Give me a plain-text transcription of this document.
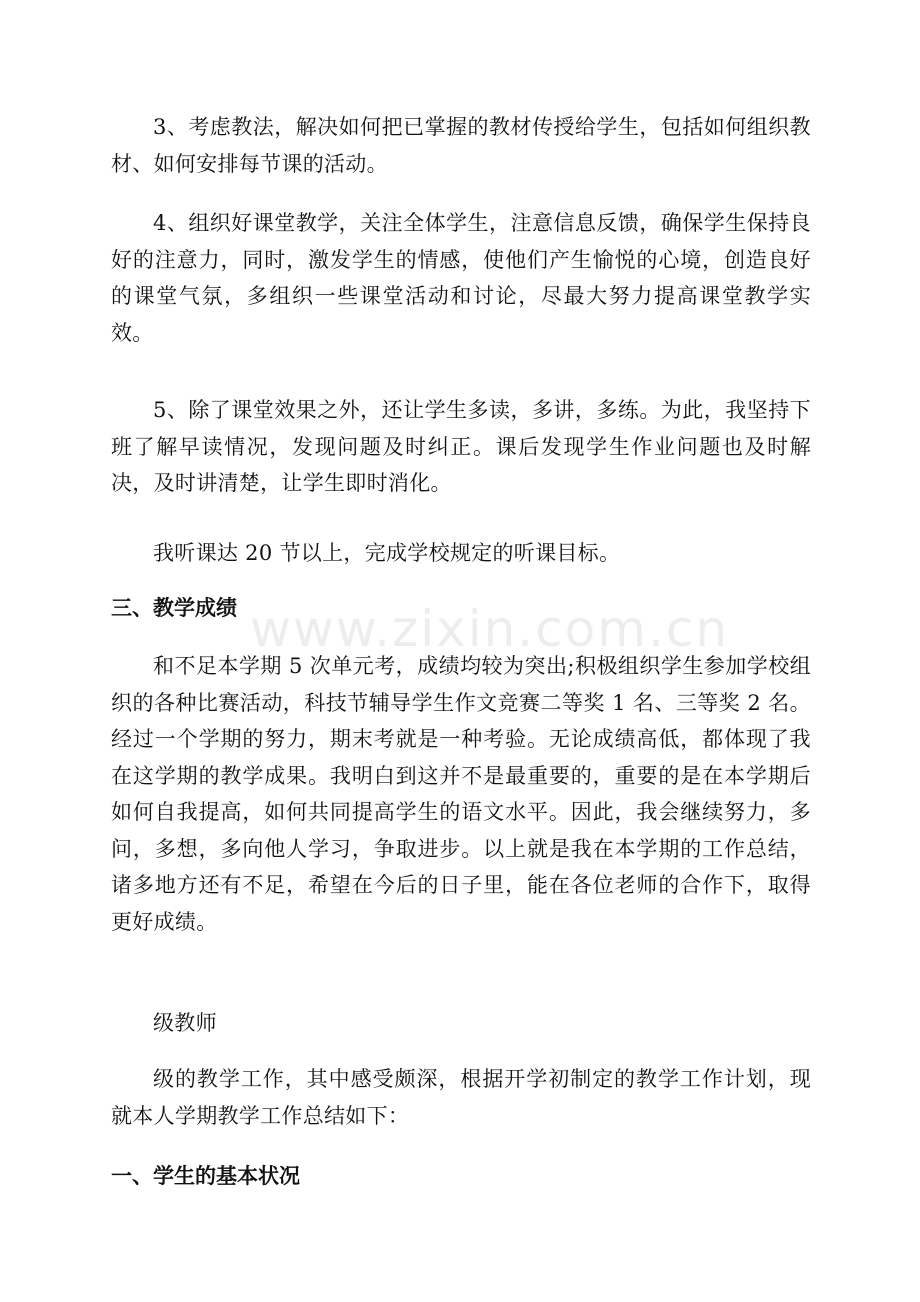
www.zixin.com.cn

3、考虑教法，解决如何把已掌握的教材传授给学生，包括如何组织教材、如何安排每节课的活动。

4、组织好课堂教学，关注全体学生，注意信息反馈，确保学生保持良好的注意力，同时，激发学生的情感，使他们产生愉悦的心境，创造良好的课堂气氛，多组织一些课堂活动和讨论，尽最大努力提高课堂教学实效。

5、除了课堂效果之外，还让学生多读，多讲，多练。为此，我坚持下班了解早读情况，发现问题及时纠正。课后发现学生作业问题也及时解决，及时讲清楚，让学生即时消化。

我听课达 20 节以上，完成学校规定的听课目标。

三、教学成绩

和不足本学期 5 次单元考，成绩均较为突出;积极组织学生参加学校组织的各种比赛活动，科技节辅导学生作文竞赛二等奖 1 名、三等奖 2 名。经过一个学期的努力，期末考就是一种考验。无论成绩高低，都体现了我在这学期的教学成果。我明白到这并不是最重要的，重要的是在本学期后如何自我提高，如何共同提高学生的语文水平。因此，我会继续努力，多问，多想，多向他人学习，争取进步。以上就是我在本学期的工作总结，诸多地方还有不足，希望在今后的日子里，能在各位老师的合作下，取得更好成绩。

级教师

级的教学工作，其中感受颇深，根据开学初制定的教学工作计划，现就本人学期教学工作总结如下：

一、学生的基本状况
